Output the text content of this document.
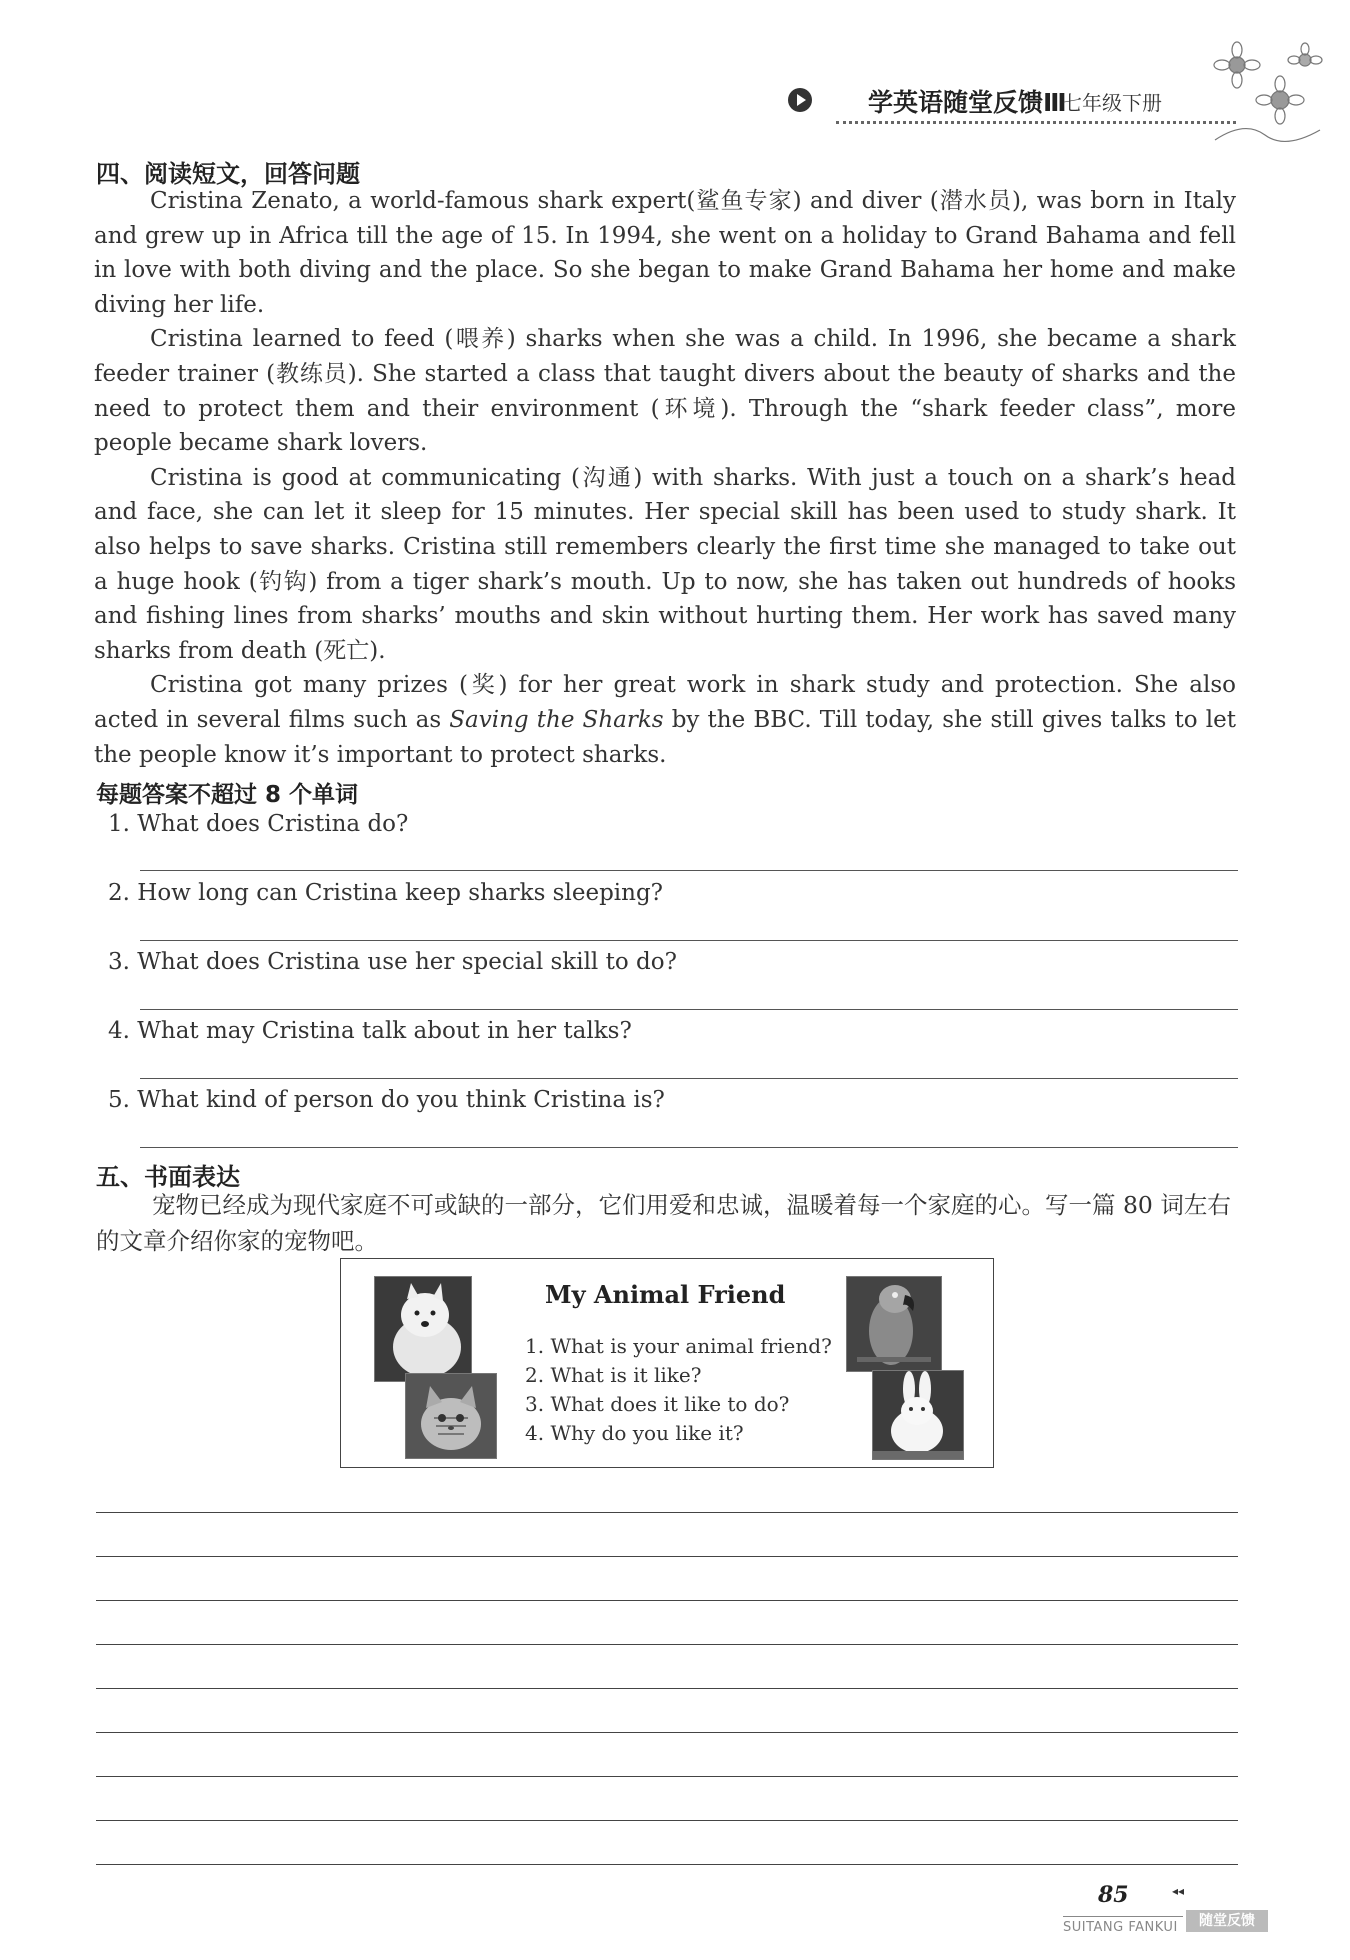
学英语随堂反馈Ⅲ
七年级下册
四、阅读短文，回答问题

Cristina Zenato, a world-famous shark expert(鲨鱼专家) and diver (潜水员), was born in Italy and grew up in Africa till the age of 15. In 1994, she went on a holiday to Grand Bahama and fell in love with both diving and the place. So she began to make Grand Bahama her home and make diving her life.

Cristina learned to feed (喂养) sharks when she was a child. In 1996, she became a shark feeder trainer (教练员). She started a class that taught divers about the beauty of sharks and the need to protect them and their environment (环境). Through the “shark feeder class”, more people became shark lovers.

Cristina is good at communicating (沟通) with sharks. With just a touch on a shark’s head and face, she can let it sleep for 15 minutes. Her special skill has been used to study shark. It also helps to save sharks. Cristina still remembers clearly the first time she managed to take out a huge hook (钓钩) from a tiger shark’s mouth. Up to now, she has taken out hundreds of hooks and fishing lines from sharks’ mouths and skin without hurting them. Her work has saved many sharks from death (死亡).

Cristina got many prizes (奖) for her great work in shark study and protection. She also acted in several films such as Saving the Sharks by the BBC. Till today, she still gives talks to let the people know it’s important to protect sharks.

每题答案不超过 8 个单词
1. What does Cristina do?
2. How long can Cristina keep sharks sleeping?
3. What does Cristina use her special skill to do?
4. What may Cristina talk about in her talks?
5. What kind of person do you think Cristina is?
五、书面表达

宠物已经成为现代家庭不可或缺的一部分，它们用爱和忠诚，温暖着每一个家庭的心。写一篇 80 词左右的文章介绍你家的宠物吧。

My Animal Friend
1. What is your animal friend?
2. What is it like?
3. What does it like to do?
4. Why do you like it?
85	◂◂
SUITANG FANKUI	随堂反馈
